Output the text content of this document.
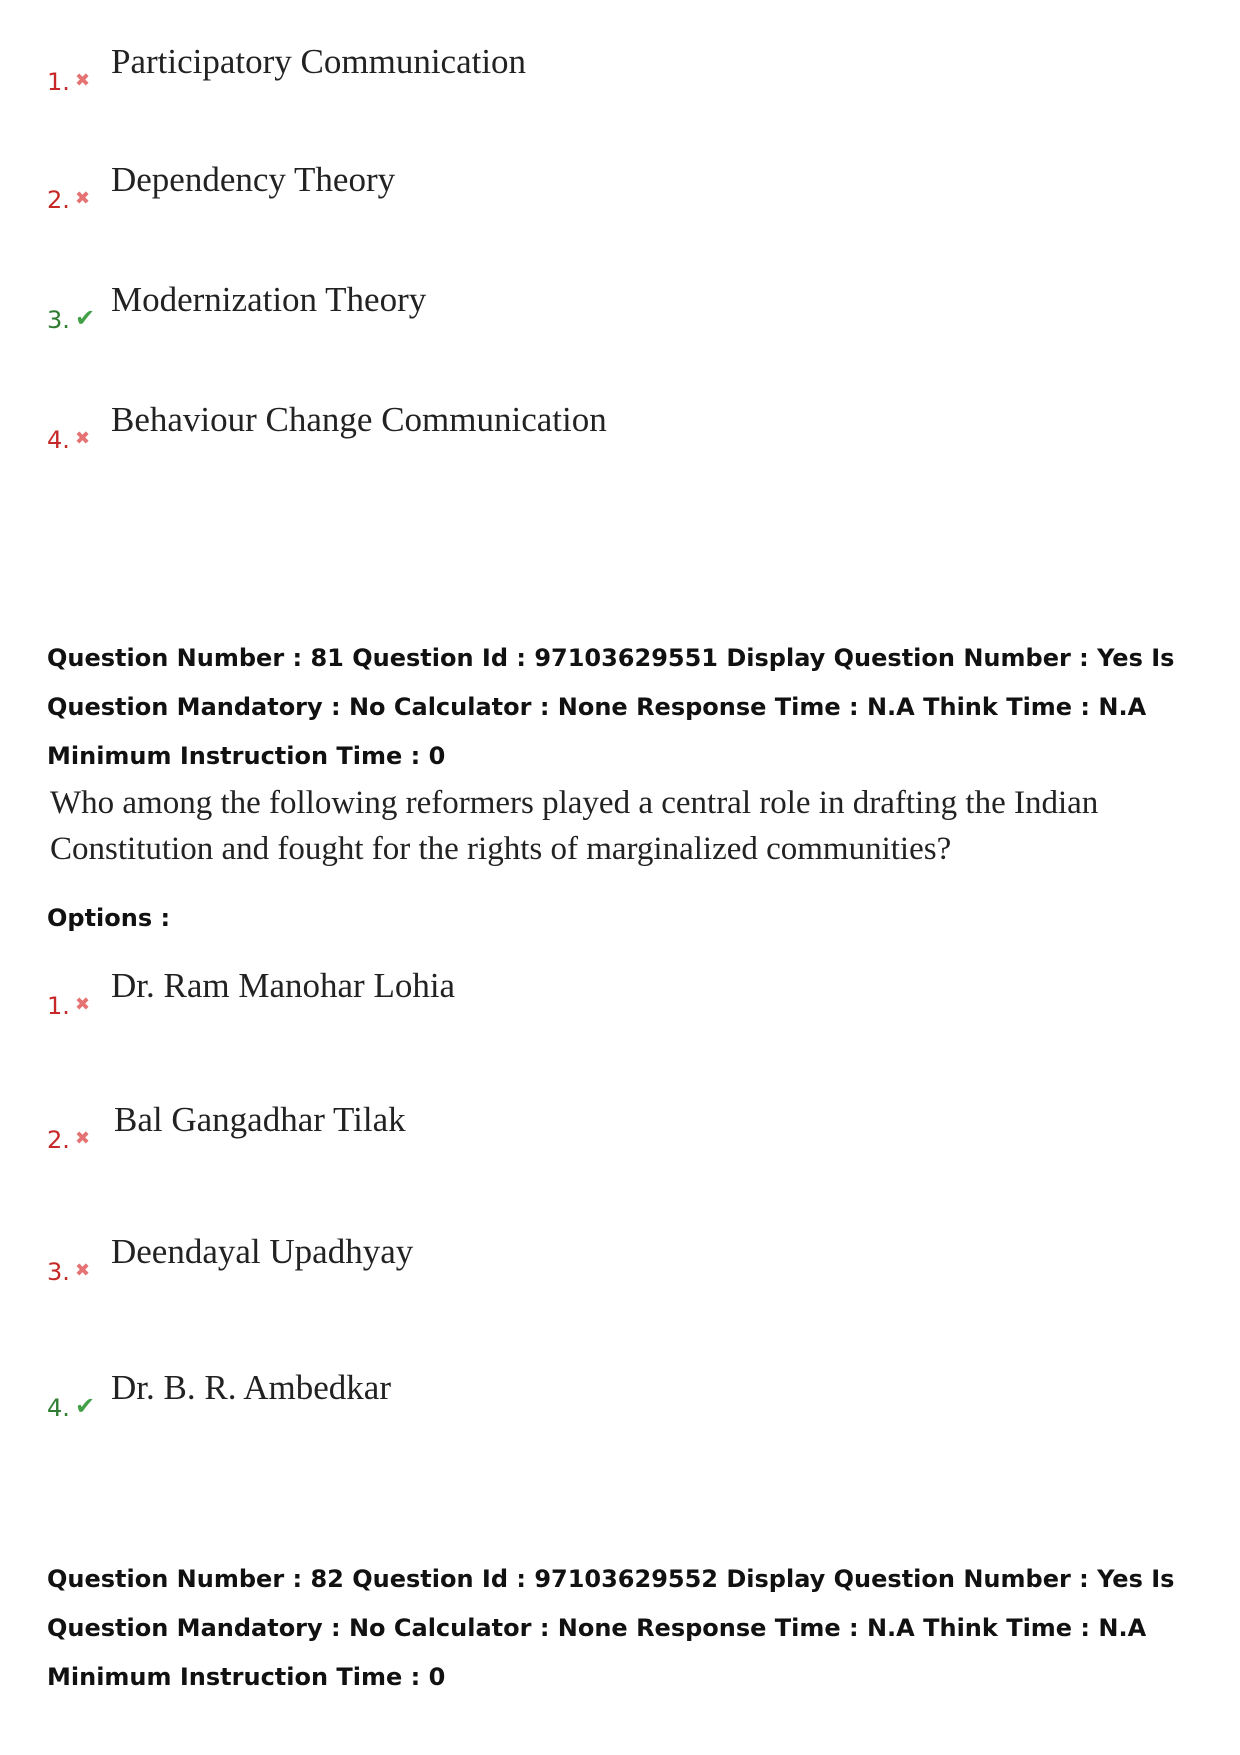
1. ✖ Participatory Communication
2. ✖ Dependency Theory
3. ✔ Modernization Theory
4. ✖ Behaviour Change Communication
Question Number : 81 Question Id : 97103629551 Display Question Number : Yes Is Question Mandatory : No Calculator : None Response Time : N.A Think Time : N.A Minimum Instruction Time : 0
Who among the following reformers played a central role in drafting the Indian Constitution and fought for the rights of marginalized communities?
Options :
1. ✖ Dr. Ram Manohar Lohia
2. ✖ Bal Gangadhar Tilak
3. ✖ Deendayal Upadhyay
4. ✔ Dr. B. R. Ambedkar
Question Number : 82 Question Id : 97103629552 Display Question Number : Yes Is Question Mandatory : No Calculator : None Response Time : N.A Think Time : N.A Minimum Instruction Time : 0
